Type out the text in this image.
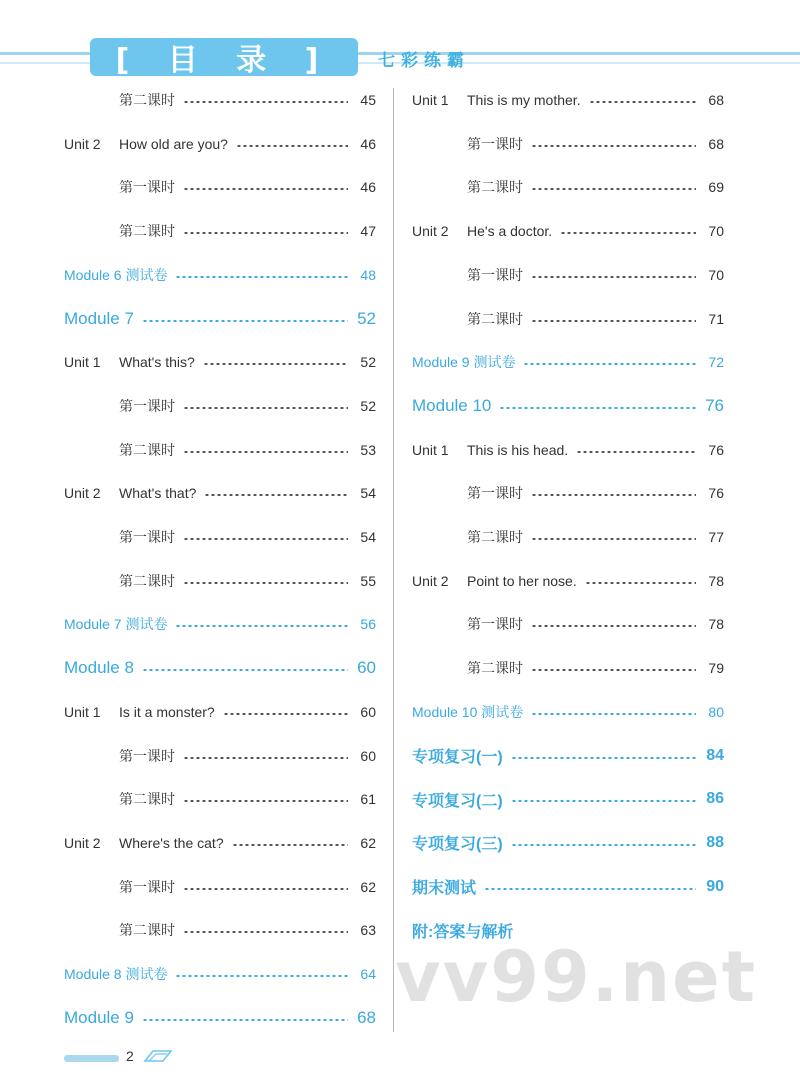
[ 目 录 ]	七彩练霸
第二课时	45
Unit 2	How old are you?	46
第一课时	46
第二课时	47
Module 6 测试卷	48
Module 7	52
Unit 1	What's this?	52
第一课时	52
第二课时	53
Unit 2	What's that?	54
第一课时	54
第二课时	55
Module 7 测试卷	56
Module 8	60
Unit 1	Is it a monster?	60
第一课时	60
第二课时	61
Unit 2	Where's the cat?	62
第一课时	62
第二课时	63
Module 8 测试卷	64
Module 9	68
Unit 1	This is my mother.	68
第一课时	68
第二课时	69
Unit 2	He's a doctor.	70
第一课时	70
第二课时	71
Module 9 测试卷	72
Module 10	76
Unit 1	This is his head.	76
第一课时	76
第二课时	77
Unit 2	Point to her nose.	78
第一课时	78
第二课时	79
Module 10 测试卷	80
专项复习(一)	84
专项复习(二)	86
专项复习(三)	88
期末测试	90
附:答案与解析
vv99.net
2
